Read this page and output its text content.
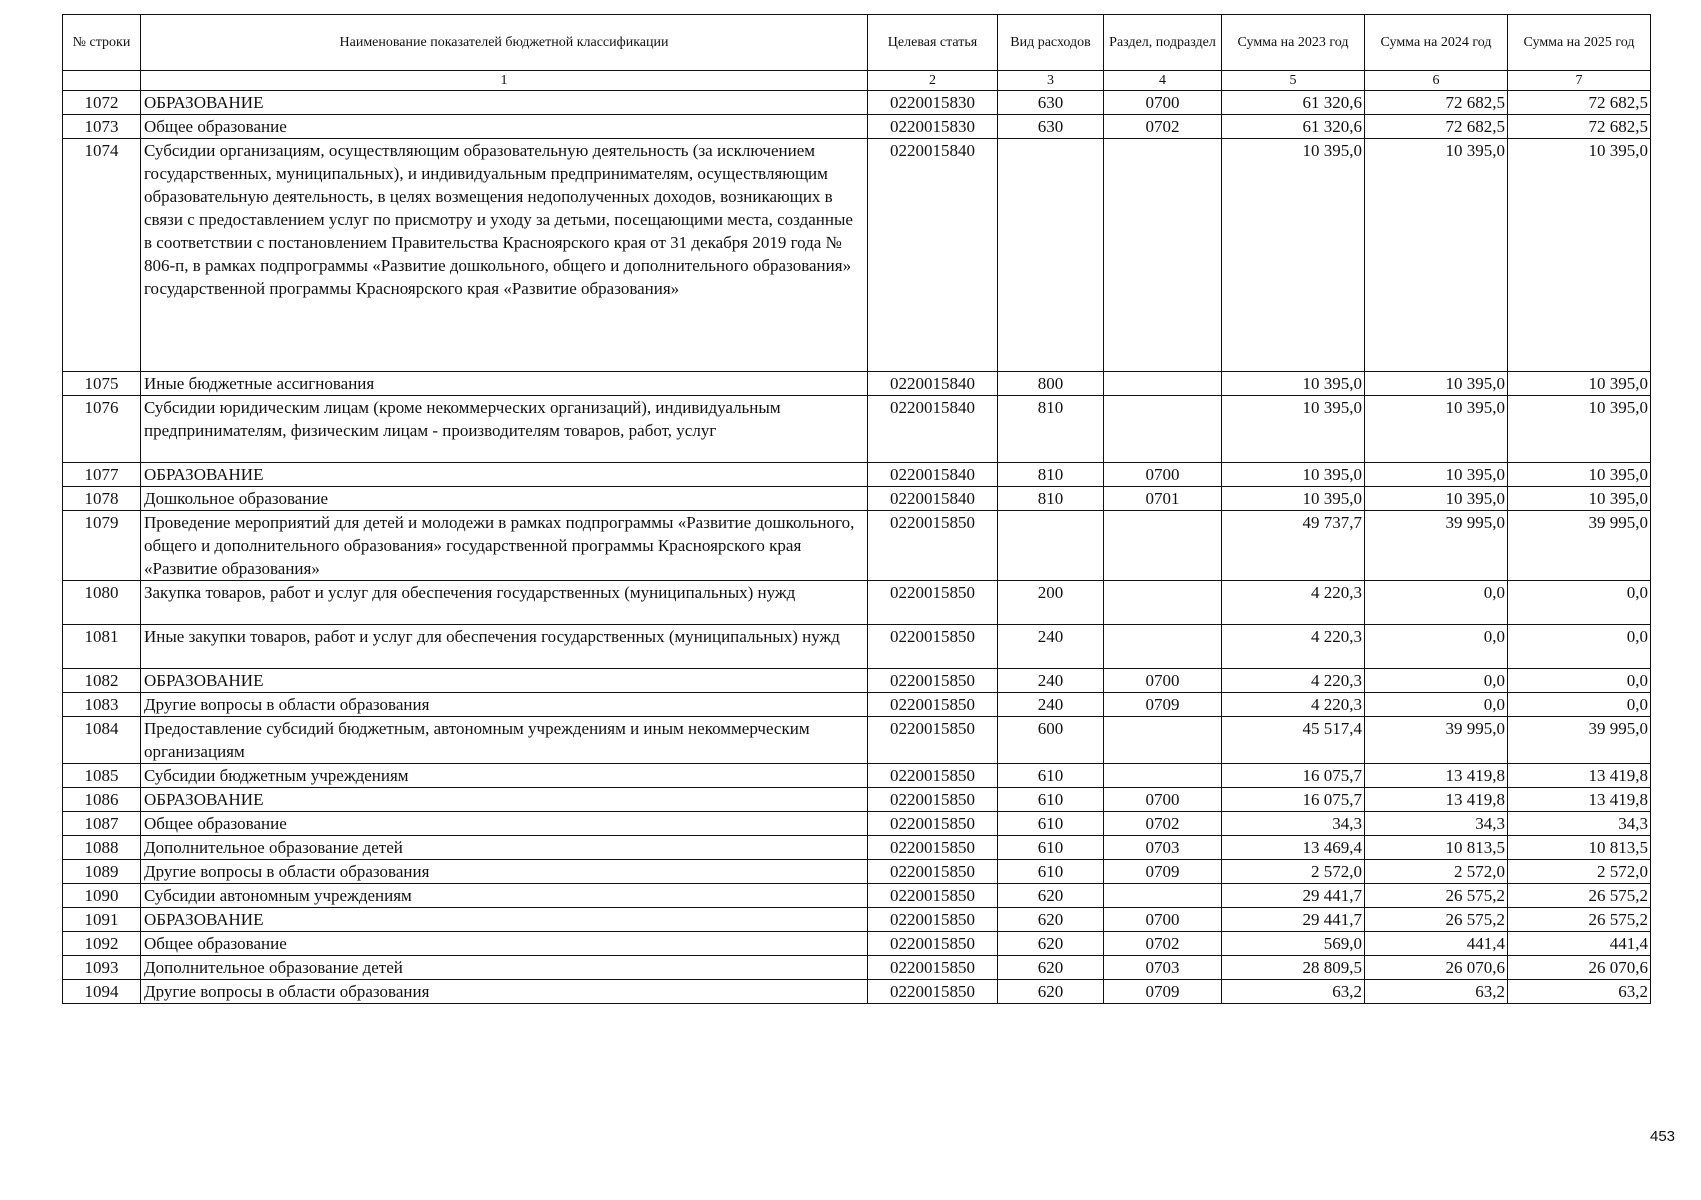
№ строки	Наименование показателей бюджетной классификации	Целевая статья	Вид расходов	Раздел, подраздел	Сумма на 2023 год	Сумма на 2024 год	Сумма на 2025 год
	1	2	3	4	5	6	7
1072	ОБРАЗОВАНИЕ	0220015830	630	0700	61 320,6	72 682,5	72 682,5
1073	Общее образование	0220015830	630	0702	61 320,6	72 682,5	72 682,5
1074	Субсидии организациям, осуществляющим образовательную деятельность (за исключением государственных, муниципальных), и индивидуальным предпринимателям, осуществляющим образовательную деятельность, в целях возмещения недополученных доходов, возникающих в связи с предоставлением услуг по присмотру и уходу за детьми, посещающими места, созданные в соответствии с постановлением Правительства Красноярского края от 31 декабря 2019 года № 806-п, в рамках подпрограммы «Развитие дошкольного, общего и дополнительного образования» государственной программы Красноярского края «Развитие образования»	0220015840			10 395,0	10 395,0	10 395,0
1075	Иные бюджетные ассигнования	0220015840	800		10 395,0	10 395,0	10 395,0
1076	Субсидии юридическим лицам (кроме некоммерческих организаций), индивидуальным предпринимателям, физическим лицам - производителям товаров, работ, услуг	0220015840	810		10 395,0	10 395,0	10 395,0
1077	ОБРАЗОВАНИЕ	0220015840	810	0700	10 395,0	10 395,0	10 395,0
1078	Дошкольное образование	0220015840	810	0701	10 395,0	10 395,0	10 395,0
1079	Проведение мероприятий для детей и молодежи в рамках подпрограммы «Развитие дошкольного, общего и дополнительного образования» государственной программы Красноярского края «Развитие образования»	0220015850			49 737,7	39 995,0	39 995,0
1080	Закупка товаров, работ и услуг для обеспечения государственных (муниципальных) нужд	0220015850	200		4 220,3	0,0	0,0
1081	Иные закупки товаров, работ и услуг для обеспечения государственных (муниципальных) нужд	0220015850	240		4 220,3	0,0	0,0
1082	ОБРАЗОВАНИЕ	0220015850	240	0700	4 220,3	0,0	0,0
1083	Другие вопросы в области образования	0220015850	240	0709	4 220,3	0,0	0,0
1084	Предоставление субсидий бюджетным, автономным учреждениям и иным некоммерческим организациям	0220015850	600		45 517,4	39 995,0	39 995,0
1085	Субсидии бюджетным учреждениям	0220015850	610		16 075,7	13 419,8	13 419,8
1086	ОБРАЗОВАНИЕ	0220015850	610	0700	16 075,7	13 419,8	13 419,8
1087	Общее образование	0220015850	610	0702	34,3	34,3	34,3
1088	Дополнительное образование детей	0220015850	610	0703	13 469,4	10 813,5	10 813,5
1089	Другие вопросы в области образования	0220015850	610	0709	2 572,0	2 572,0	2 572,0
1090	Субсидии автономным учреждениям	0220015850	620		29 441,7	26 575,2	26 575,2
1091	ОБРАЗОВАНИЕ	0220015850	620	0700	29 441,7	26 575,2	26 575,2
1092	Общее образование	0220015850	620	0702	569,0	441,4	441,4
1093	Дополнительное образование детей	0220015850	620	0703	28 809,5	26 070,6	26 070,6
1094	Другие вопросы в области образования	0220015850	620	0709	63,2	63,2	63,2
453
